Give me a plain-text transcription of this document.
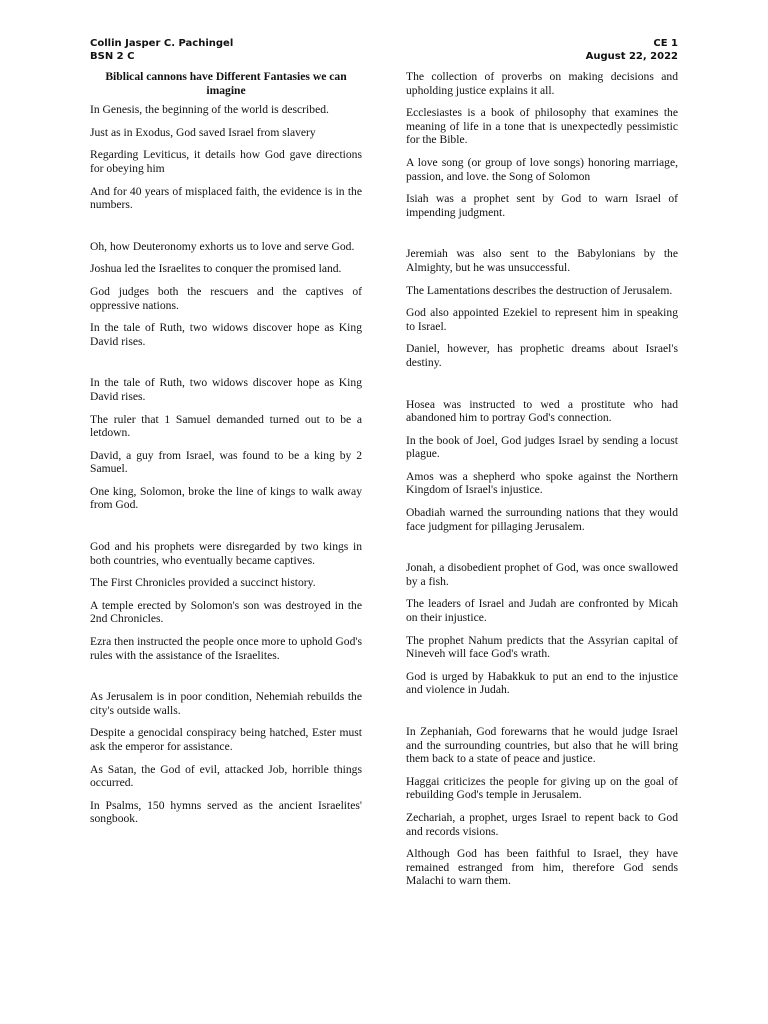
Collin Jasper C. Pachingel
BSN 2 C
CE 1
August 22, 2022
Biblical cannons have Different Fantasies we can imagine

In Genesis, the beginning of the world is described.

Just as in Exodus, God saved Israel from slavery

Regarding Leviticus, it details how God gave directions for obeying him

And for 40 years of misplaced faith, the evidence is in the numbers.

Oh, how Deuteronomy exhorts us to love and serve God.

Joshua led the Israelites to conquer the promised land.

God judges both the rescuers and the captives of oppressive nations.

In the tale of Ruth, two widows discover hope as King David rises.

In the tale of Ruth, two widows discover hope as King David rises.

The ruler that 1 Samuel demanded turned out to be a letdown.

David, a guy from Israel, was found to be a king by 2 Samuel.

One king, Solomon, broke the line of kings to walk away from God.

God and his prophets were disregarded by two kings in both countries, who eventually became captives.

The First Chronicles provided a succinct history.

A temple erected by Solomon's son was destroyed in the 2nd Chronicles.

Ezra then instructed the people once more to uphold God's rules with the assistance of the Israelites.

As Jerusalem is in poor condition, Nehemiah rebuilds the city's outside walls.

Despite a genocidal conspiracy being hatched, Ester must ask the emperor for assistance.

As Satan, the God of evil, attacked Job, horrible things occurred.

In Psalms, 150 hymns served as the ancient Israelites' songbook.

The collection of proverbs on making decisions and upholding justice explains it all.

Ecclesiastes is a book of philosophy that examines the meaning of life in a tone that is unexpectedly pessimistic for the Bible.

A love song (or group of love songs) honoring marriage, passion, and love. the Song of Solomon

Isiah was a prophet sent by God to warn Israel of impending judgment.

Jeremiah was also sent to the Babylonians by the Almighty, but he was unsuccessful.

The Lamentations describes the destruction of Jerusalem.

God also appointed Ezekiel to represent him in speaking to Israel.

Daniel, however, has prophetic dreams about Israel's destiny.

Hosea was instructed to wed a prostitute who had abandoned him to portray God's connection.

In the book of Joel, God judges Israel by sending a locust plague.

Amos was a shepherd who spoke against the Northern Kingdom of Israel's injustice.

Obadiah warned the surrounding nations that they would face judgment for pillaging Jerusalem.

Jonah, a disobedient prophet of God, was once swallowed by a fish.

The leaders of Israel and Judah are confronted by Micah on their injustice.

The prophet Nahum predicts that the Assyrian capital of Nineveh will face God's wrath.

God is urged by Habakkuk to put an end to the injustice and violence in Judah.

In Zephaniah, God forewarns that he would judge Israel and the surrounding countries, but also that he will bring them back to a state of peace and justice.

Haggai criticizes the people for giving up on the goal of rebuilding God's temple in Jerusalem.

Zechariah, a prophet, urges Israel to repent back to God and records visions.

Although God has been faithful to Israel, they have remained estranged from him, therefore God sends Malachi to warn them.
